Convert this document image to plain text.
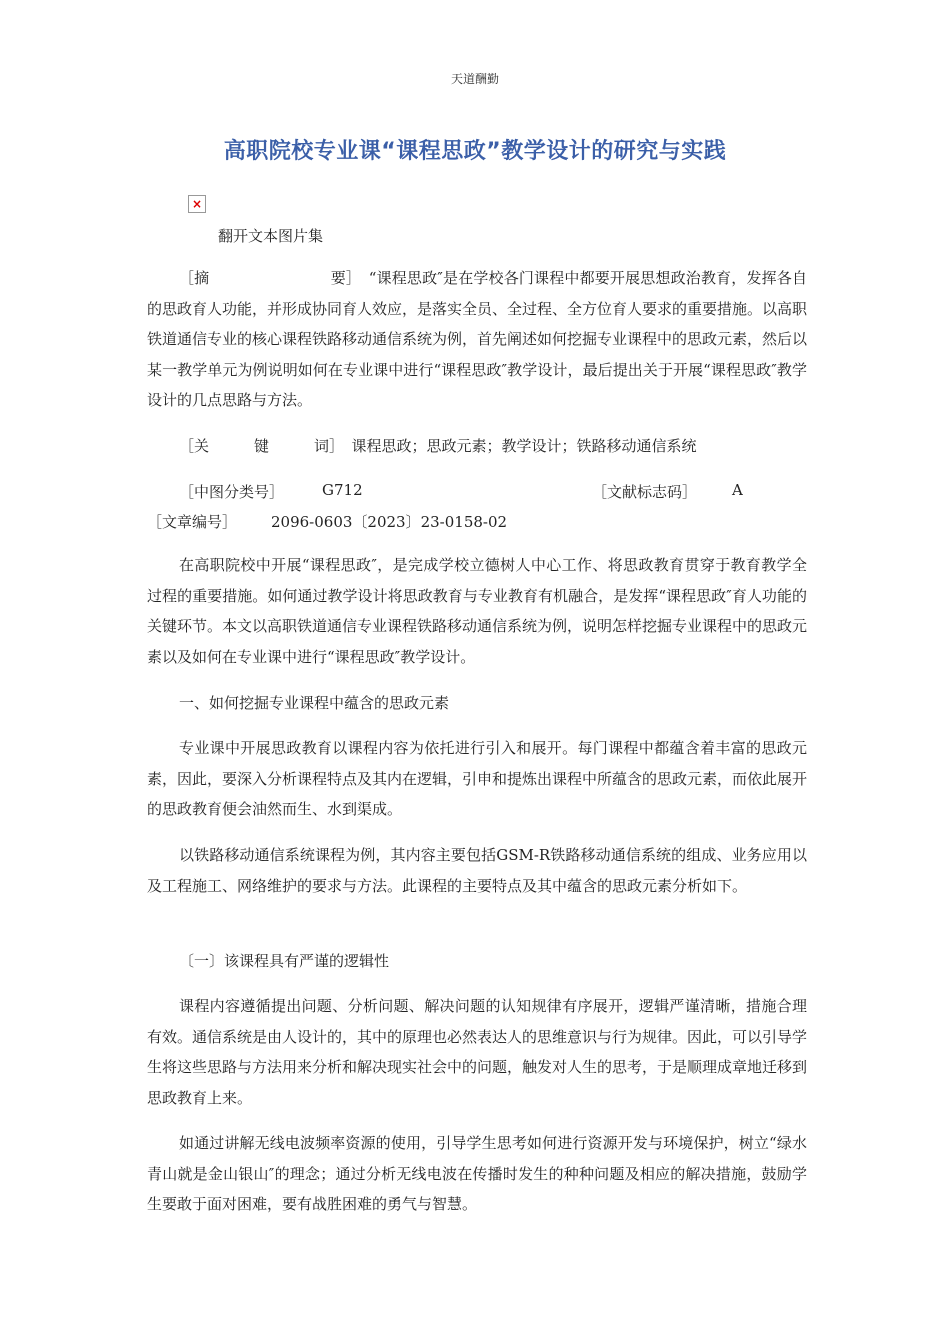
天道酬勤
高职院校专业课“课程思政”教学设计的研究与实践
×
翻开文本图片集
［摘　　　　　　　　要］　 “课程思政″是在学校各门课程中都要开展思想政治教育，发挥各自的思政育人功能，并形成协同育人效应，是落实全员、全过程、全方位育人要求的重要措施。以高职铁道通信专业的核心课程铁路移动通信系统为例，首先阐述如何挖掘专业课程中的思政元素，然后以某一教学单元为例说明如何在专业课中进行“课程思政″教学设计，最后提出关于开展“课程思政″教学设计的几点思路与方法。
［关　　　键　　　词］　 课程思政；思政元素；教学设计；铁路移动通信系统
［中图分类号］	G712	［文献标志码］ A
［文章编号］ 2096-0603〔2023〕23-0158-02
在高职院校中开展“课程思政″，是完成学校立德树人中心工作、将思政教育贯穿于教育教学全过程的重要措施。如何通过教学设计将思政教育与专业教育有机融合，是发挥“课程思政″育人功能的关键环节。本文以高职铁道通信专业课程铁路移动通信系统为例，说明怎样挖掘专业课程中的思政元素以及如何在专业课中进行“课程思政″教学设计。
一、如何挖掘专业课程中蕴含的思政元素
专业课中开展思政教育以课程内容为依托进行引入和展开。每门课程中都蕴含着丰富的思政元素，因此，要深入分析课程特点及其内在逻辑，引申和提炼出课程中所蕴含的思政元素，而依此展开的思政教育便会油然而生、水到渠成。
以铁路移动通信系统课程为例，其内容主要包括GSM-R铁路移动通信系统的组成、业务应用以及工程施工、网络维护的要求与方法。此课程的主要特点及其中蕴含的思政元素分析如下。
〔一〕该课程具有严谨的逻辑性
课程内容遵循提出问题、分析问题、解决问题的认知规律有序展开，逻辑严谨清晰，措施合理有效。通信系统是由人设计的，其中的原理也必然表达人的思维意识与行为规律。因此，可以引导学生将这些思路与方法用来分析和解决现实社会中的问题，触发对人生的思考，于是顺理成章地迁移到思政教育上来。
如通过讲解无线电波频率资源的使用，引导学生思考如何进行资源开发与环境保护，树立“绿水青山就是金山银山″的理念；通过分析无线电波在传播时发生的种种问题及相应的解决措施，鼓励学生要敢于面对困难，要有战胜困难的勇气与智慧。
